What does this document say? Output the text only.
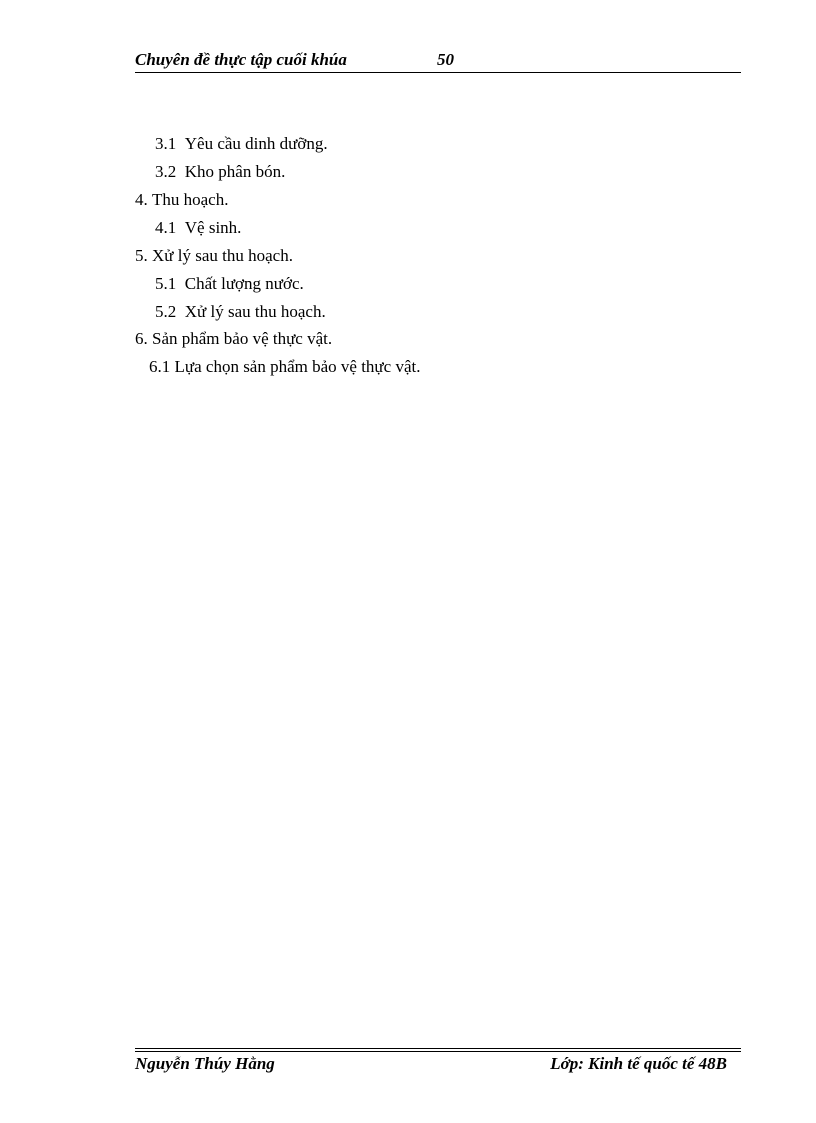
Chuyên đề thực tập cuối khúa	50
3.1 Yêu cầu dinh dưỡng.
3.2 Kho phân bón.
4. Thu hoạch.
4.1 Vệ sinh.
5. Xử lý sau thu hoạch.
5.1 Chất lượng nước.
5.2 Xử lý sau thu hoạch.
6. Sản phẩm bảo vệ thực vật.
6.1 Lựa chọn sản phẩm bảo vệ thực vật.
Nguyễn Thúy Hằng	Lớp: Kinh tế quốc tế 48B
